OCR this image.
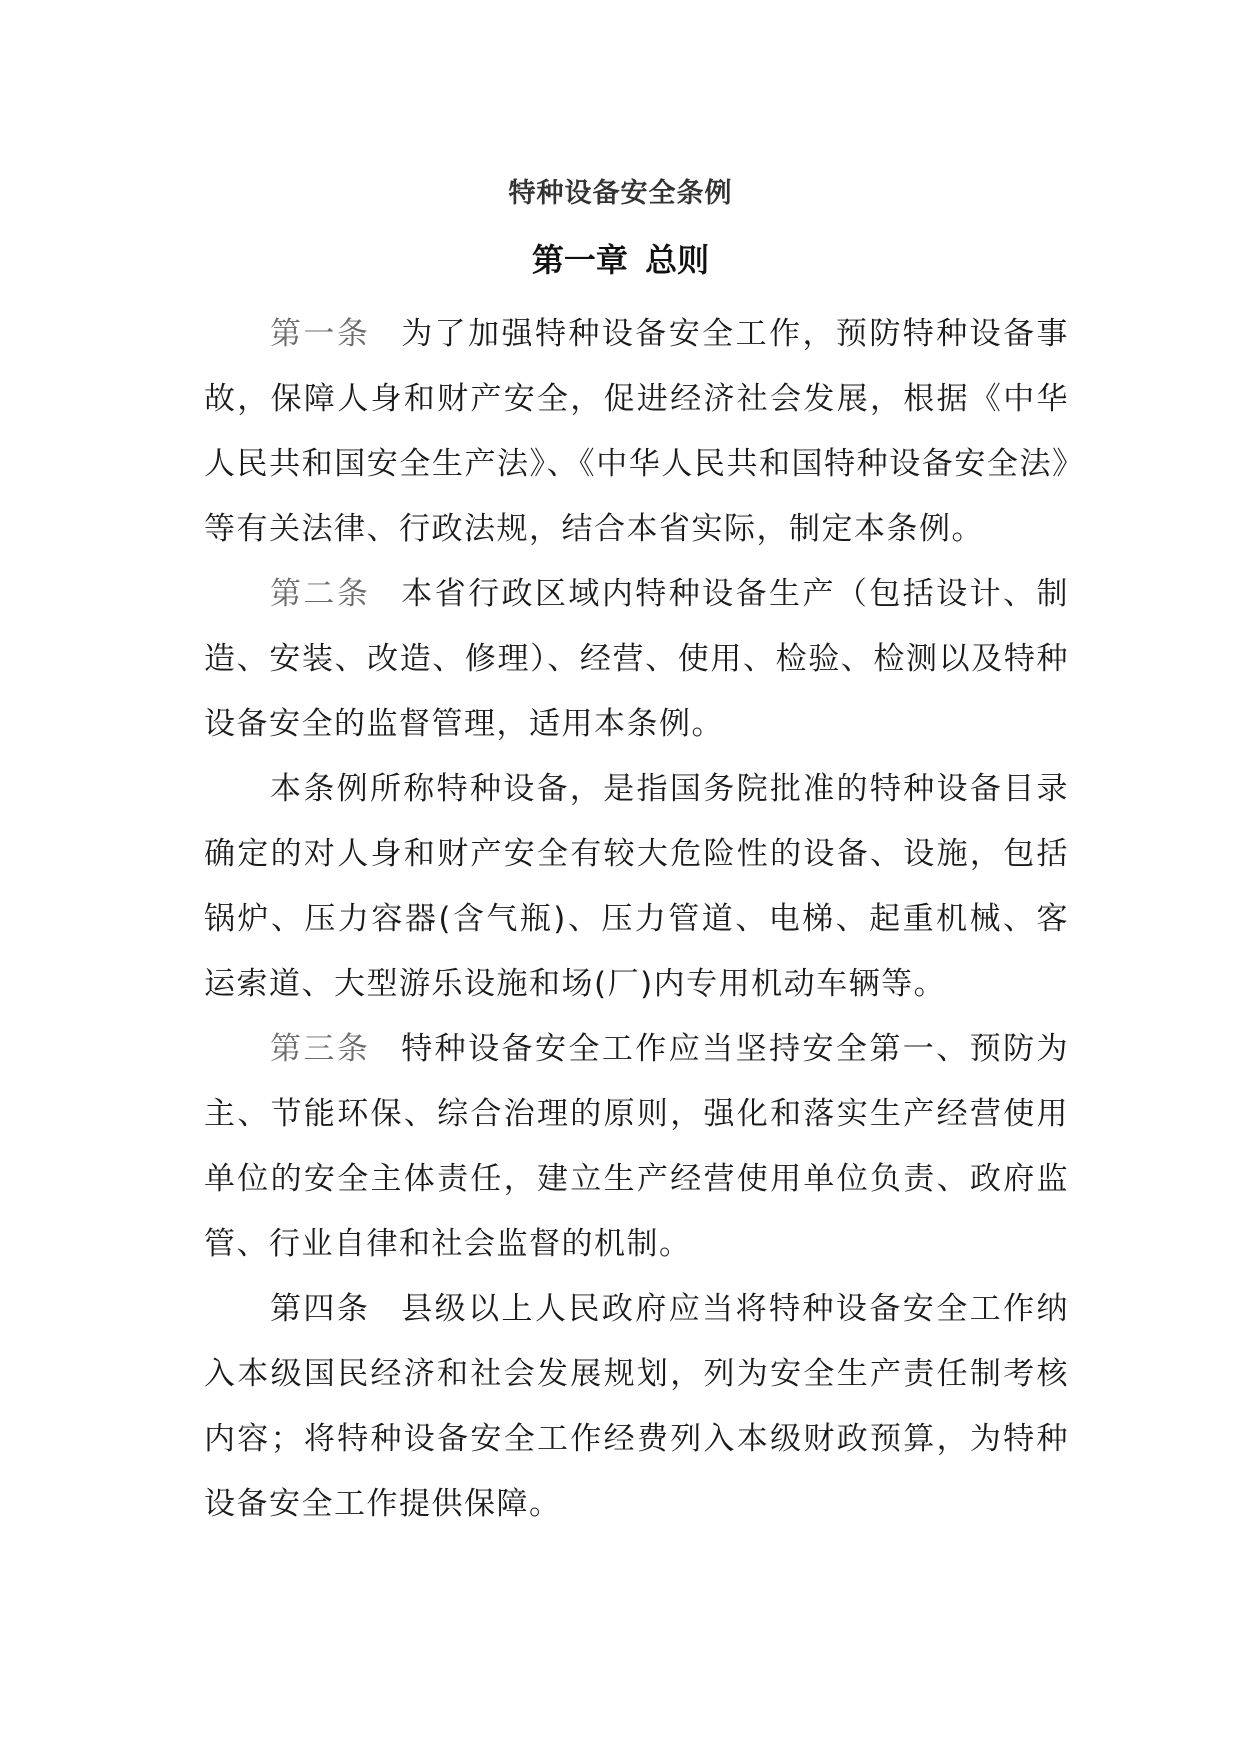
特种设备安全条例
第一章 总则

第一条 为了加强特种设备安全工作，预防特种设备事故，保障人身和财产安全，促进经济社会发展，根据《中华人民共和国安全生产法》、《中华人民共和国特种设备安全法》等有关法律、行政法规，结合本省实际，制定本条例。

第二条 本省行政区域内特种设备生产（包括设计、制造、安装、改造、修理）、经营、使用、检验、检测以及特种设备安全的监督管理，适用本条例。

本条例所称特种设备，是指国务院批准的特种设备目录确定的对人身和财产安全有较大危险性的设备、设施，包括锅炉、压力容器(含气瓶)、压力管道、电梯、起重机械、客运索道、大型游乐设施和场(厂)内专用机动车辆等。

第三条 特种设备安全工作应当坚持安全第一、预防为主、节能环保、综合治理的原则，强化和落实生产经营使用单位的安全主体责任，建立生产经营使用单位负责、政府监管、行业自律和社会监督的机制。

第四条 县级以上人民政府应当将特种设备安全工作纳入本级国民经济和社会发展规划，列为安全生产责任制考核内容；将特种设备安全工作经费列入本级财政预算，为特种设备安全工作提供保障。
